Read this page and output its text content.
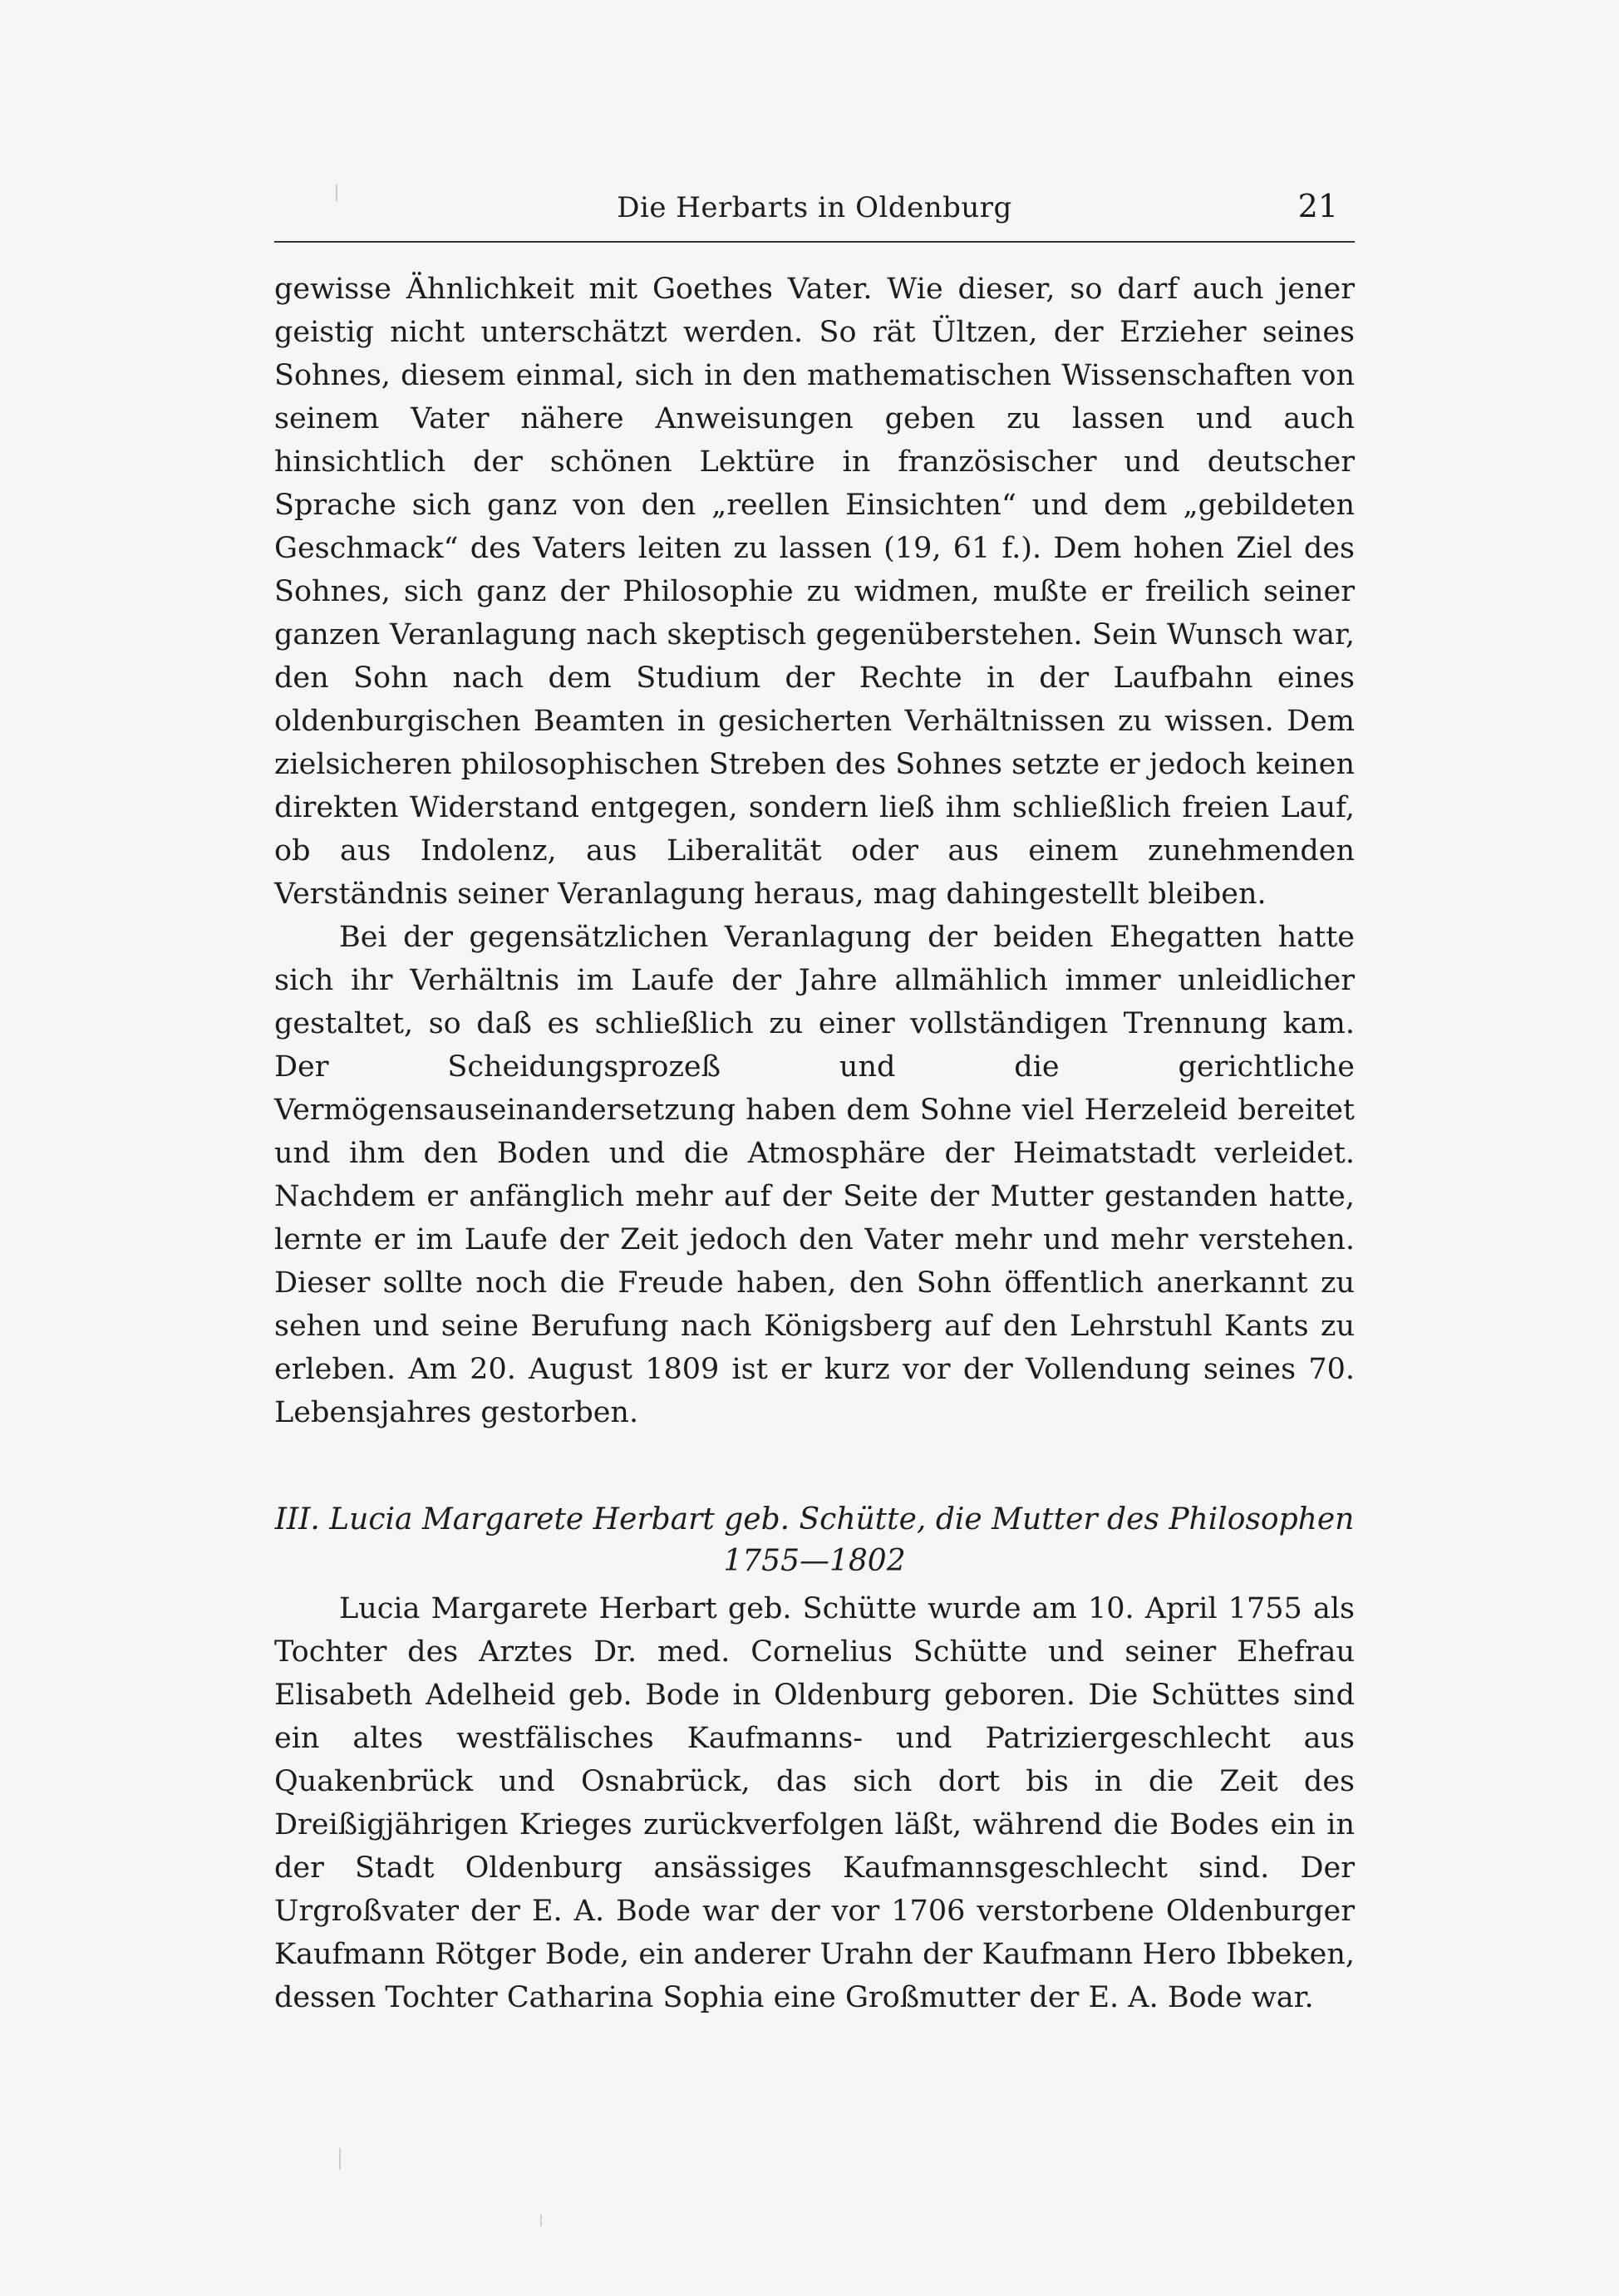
Die Herbarts in Oldenburg	21

gewisse Ähnlichkeit mit Goethes Vater. Wie dieser, so darf auch jener geistig nicht unterschätzt werden. So rät Ültzen, der Erzieher seines Sohnes, diesem einmal, sich in den mathematischen Wissenschaften von seinem Vater nähere Anweisungen geben zu lassen und auch hinsichtlich der schönen Lektüre in französischer und deutscher Sprache sich ganz von den „reellen Einsichten“ und dem „gebildeten Geschmack“ des Vaters leiten zu lassen (19, 61 f.). Dem hohen Ziel des Sohnes, sich ganz der Philosophie zu widmen, mußte er freilich seiner ganzen Veranlagung nach skeptisch gegenüberstehen. Sein Wunsch war, den Sohn nach dem Studium der Rechte in der Laufbahn eines oldenburgischen Beamten in gesicherten Verhältnissen zu wissen. Dem zielsicheren philosophischen Streben des Sohnes setzte er jedoch keinen direkten Widerstand entgegen, sondern ließ ihm schließlich freien Lauf, ob aus Indolenz, aus Liberalität oder aus einem zunehmenden Verständnis seiner Veranlagung heraus, mag dahingestellt bleiben.

Bei der gegensätzlichen Veranlagung der beiden Ehegatten hatte sich ihr Verhältnis im Laufe der Jahre allmählich immer unleidlicher gestaltet, so daß es schließlich zu einer vollständigen Trennung kam. Der Scheidungsprozeß und die gerichtliche Vermögensauseinandersetzung haben dem Sohne viel Herzeleid bereitet und ihm den Boden und die Atmosphäre der Heimatstadt verleidet. Nachdem er anfänglich mehr auf der Seite der Mutter gestanden hatte, lernte er im Laufe der Zeit jedoch den Vater mehr und mehr verstehen. Dieser sollte noch die Freude haben, den Sohn öffentlich anerkannt zu sehen und seine Berufung nach Königsberg auf den Lehrstuhl Kants zu erleben. Am 20. August 1809 ist er kurz vor der Vollendung seines 70. Lebensjahres gestorben.

III. Lucia Margarete Herbart geb. Schütte, die Mutter des Philosophen
1755—1802

Lucia Margarete Herbart geb. Schütte wurde am 10. April 1755 als Tochter des Arztes Dr. med. Cornelius Schütte und seiner Ehefrau Elisabeth Adelheid geb. Bode in Oldenburg geboren. Die Schüttes sind ein altes westfälisches Kaufmanns- und Patriziergeschlecht aus Quakenbrück und Osnabrück, das sich dort bis in die Zeit des Dreißigjährigen Krieges zurückverfolgen läßt, während die Bodes ein in der Stadt Oldenburg ansässiges Kaufmannsgeschlecht sind. Der Urgroßvater der E. A. Bode war der vor 1706 verstorbene Oldenburger Kaufmann Rötger Bode, ein anderer Urahn der Kaufmann Hero Ibbeken, dessen Tochter Catharina Sophia eine Großmutter der E. A. Bode war.
